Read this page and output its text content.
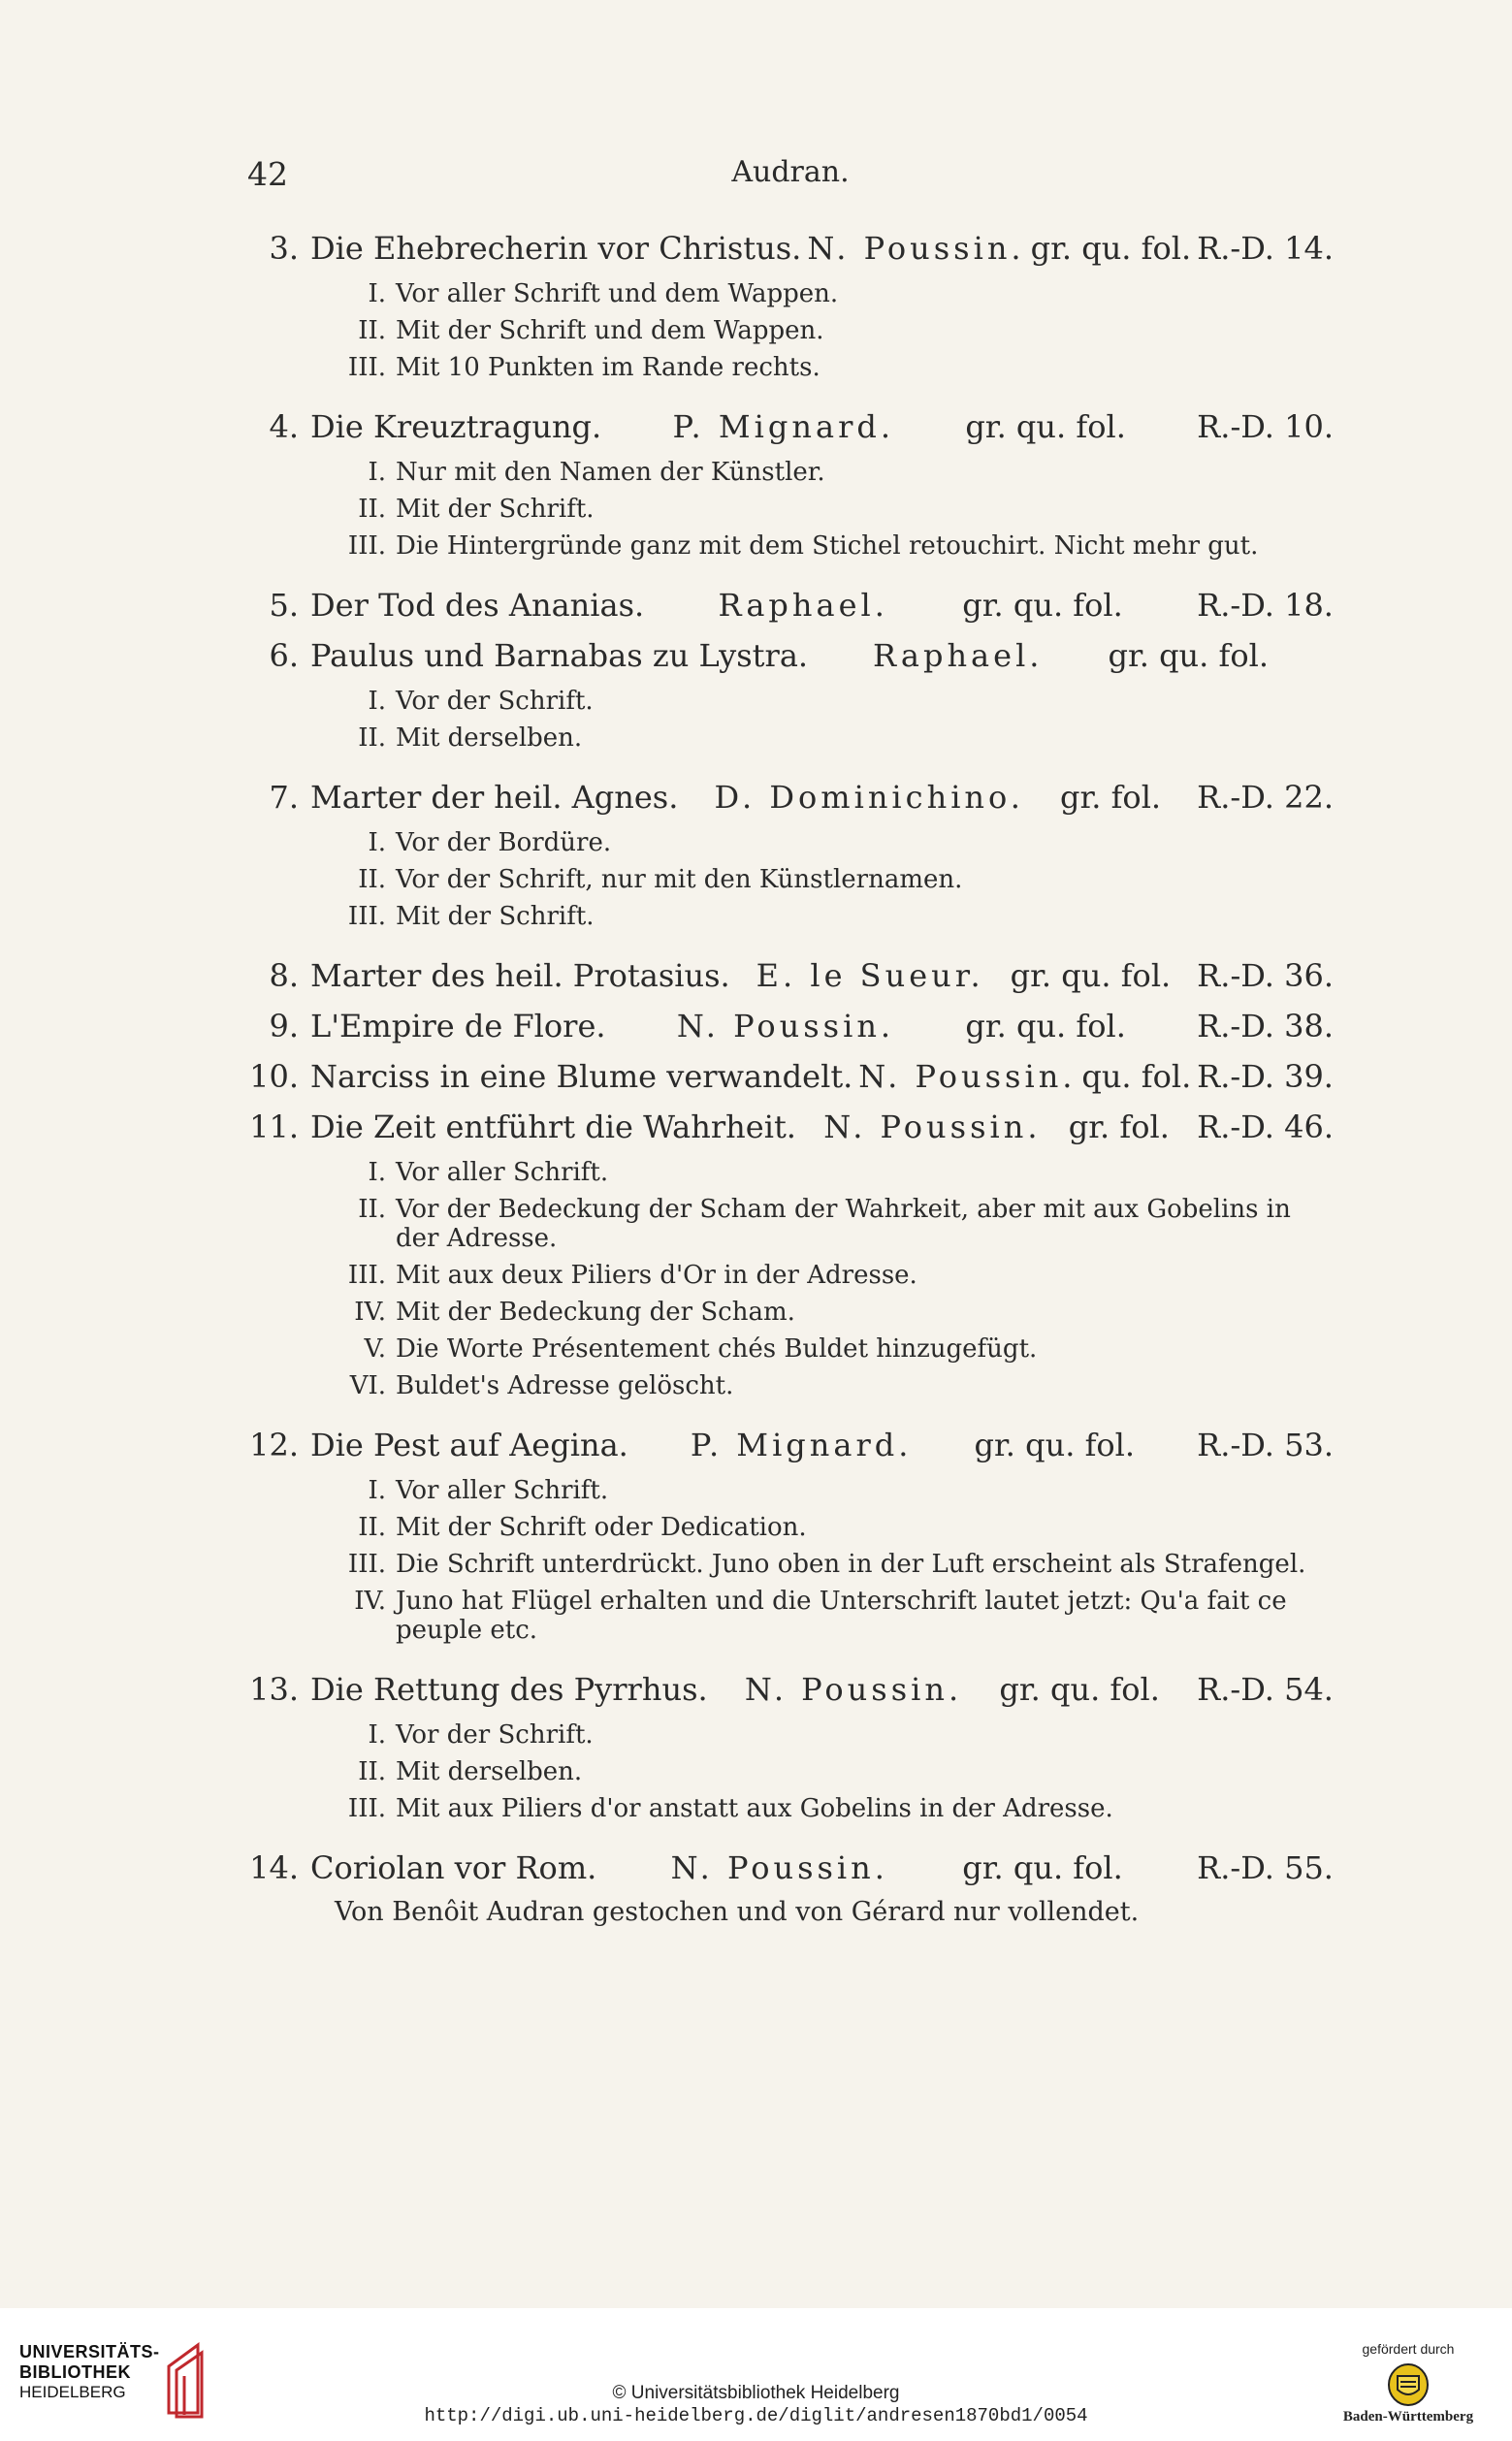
42	Audran.
3. Die Ehebrecherin vor Christus. N. Poussin. gr. qu. fol. R.-D. 14.
I. Vor aller Schrift und dem Wappen.
II. Mit der Schrift und dem Wappen.
III. Mit 10 Punkten im Rande rechts.
4. Die Kreuztragung. P. Mignard. gr. qu. fol. R.-D. 10.
I. Nur mit den Namen der Künstler.
II. Mit der Schrift.
III. Die Hintergründe ganz mit dem Stichel retouchirt. Nicht mehr gut.
5. Der Tod des Ananias. Raphael. gr. qu. fol. R.-D. 18.
6. Paulus und Barnabas zu Lystra. Raphael. gr. qu. fol.
I. Vor der Schrift.
II. Mit derselben.
7. Marter der heil. Agnes. D. Dominichino. gr. fol. R.-D. 22.
I. Vor der Bordüre.
II. Vor der Schrift, nur mit den Künstlernamen.
III. Mit der Schrift.
8. Marter des heil. Protasius. E. le Sueur. gr. qu. fol. R.-D. 36.
9. L'Empire de Flore. N. Poussin. gr. qu. fol. R.-D. 38.
10. Narciss in eine Blume verwandelt. N. Poussin. qu. fol. R.-D. 39.
11. Die Zeit entführt die Wahrheit. N. Poussin. gr. fol. R.-D. 46.
I. Vor aller Schrift.
II. Vor der Bedeckung der Scham der Wahrkeit, aber mit aux Gobelins in der Adresse.
III. Mit aux deux Piliers d'Or in der Adresse.
IV. Mit der Bedeckung der Scham.
V. Die Worte Présentement chés Buldet hinzugefügt.
VI. Buldet's Adresse gelöscht.
12. Die Pest auf Aegina. P. Mignard. gr. qu. fol. R.-D. 53.
I. Vor aller Schrift.
II. Mit der Schrift oder Dedication.
III. Die Schrift unterdrückt. Juno oben in der Luft erscheint als Strafengel.
IV. Juno hat Flügel erhalten und die Unterschrift lautet jetzt: Qu'a fait ce peuple etc.
13. Die Rettung des Pyrrhus. N. Poussin. gr. qu. fol. R.-D. 54.
I. Vor der Schrift.
II. Mit derselben.
III. Mit aux Piliers d'or anstatt aux Gobelins in der Adresse.
14. Coriolan vor Rom. N. Poussin. gr. qu. fol. R.-D. 55.
Von Benôit Audran gestochen und von Gérard nur vollendet.
UNIVERSITÄTS-
BIBLIOTHEK
HEIDELBERG	© Universitätsbibliothek Heidelberg
http://digi.ub.uni-heidelberg.de/diglit/andresen1870bd1/0054
gefördert durch
Baden-Württemberg
